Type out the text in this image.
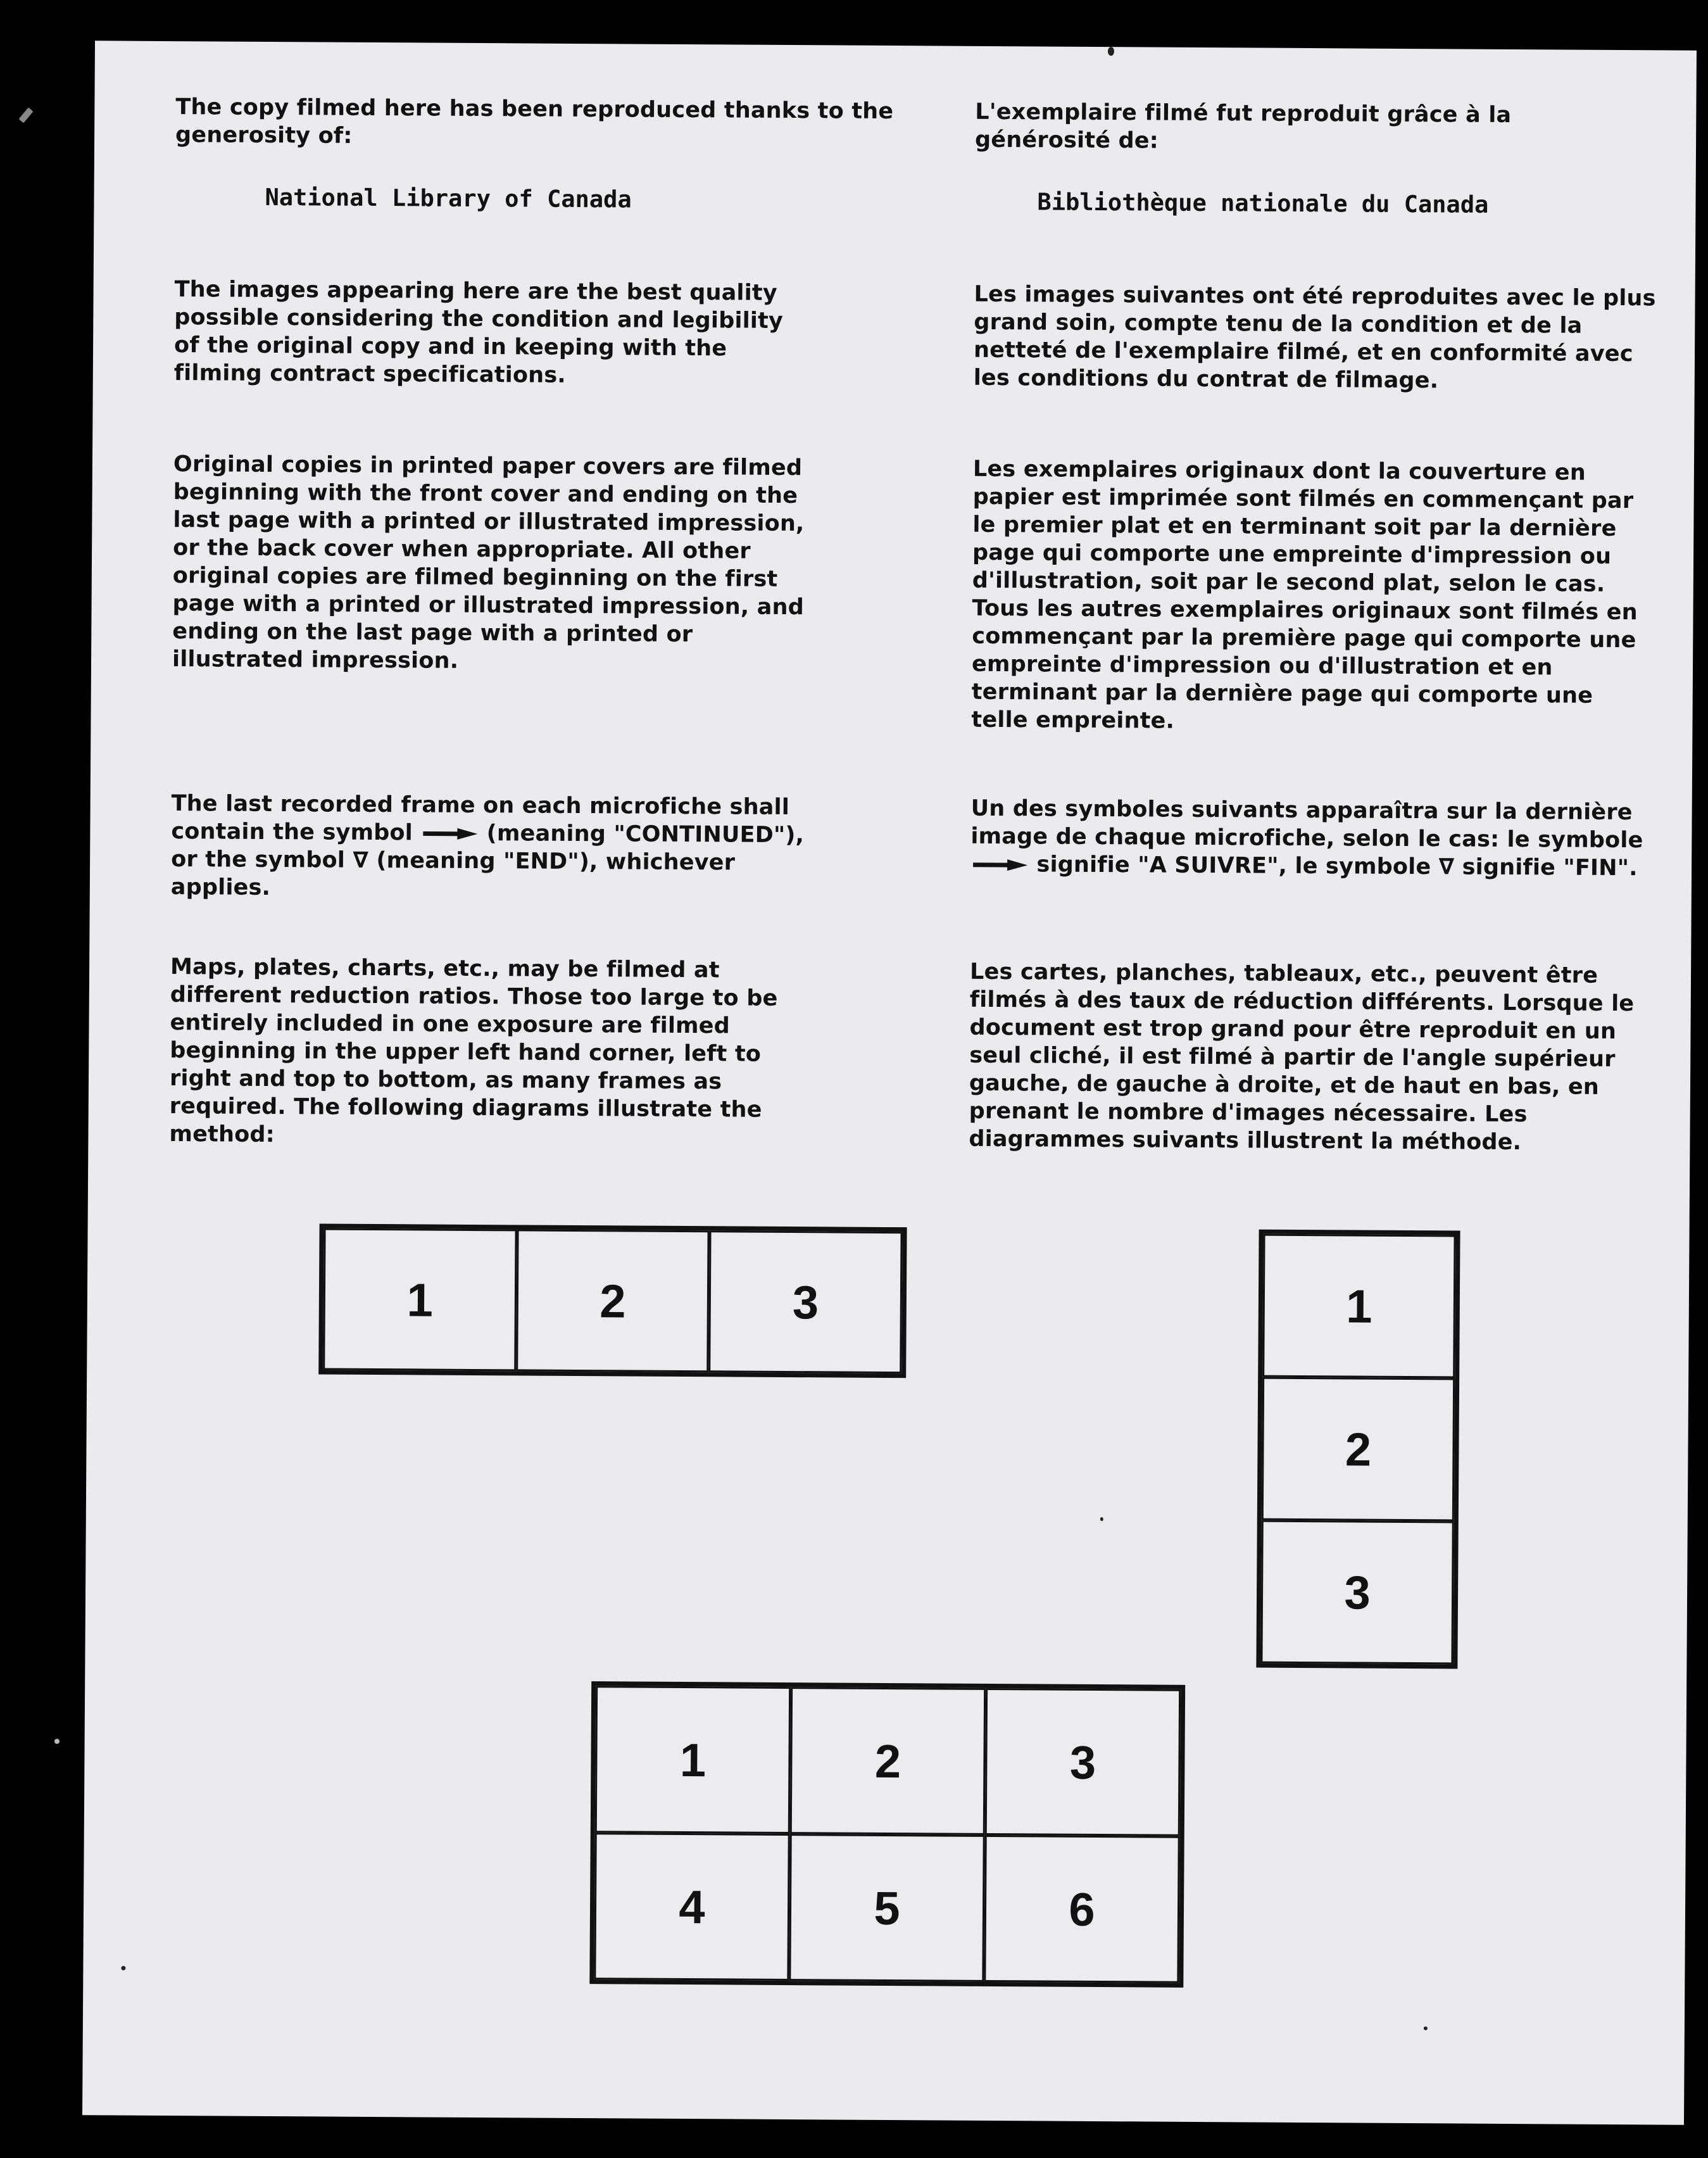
The copy filmed here has been reproduced thanks to the generosity of:

National Library of Canada

The images appearing here are the best quality possible considering the condition and legibility of the original copy and in keeping with the filming contract specifications.

Original copies in printed paper covers are filmed beginning with the front cover and ending on the last page with a printed or illustrated impression, or the back cover when appropriate. All other original copies are filmed beginning on the first page with a printed or illustrated impression, and ending on the last page with a printed or illustrated impression.

The last recorded frame on each microfiche shall contain the symbol	(meaning "CONTINUED"), or the symbol ∇ (meaning "END"), whichever applies.

Maps, plates, charts, etc., may be filmed at different reduction ratios. Those too large to be entirely included in one exposure are filmed beginning in the upper left hand corner, left to right and top to bottom, as many frames as required. The following diagrams illustrate the method:

L'exemplaire filmé fut reproduit grâce à la générosité de:

Bibliothèque nationale du Canada

Les images suivantes ont été reproduites avec le plus grand soin, compte tenu de la condition et de la netteté de l'exemplaire filmé, et en conformité avec les conditions du contrat de filmage.

Les exemplaires originaux dont la couverture en papier est imprimée sont filmés en commençant par le premier plat et en terminant soit par la dernière page qui comporte une empreinte d'impression ou d'illustration, soit par le second plat, selon le cas. Tous les autres exemplaires originaux sont filmés en commençant par la première page qui comporte une empreinte d'impression ou d'illustration et en terminant par la dernière page qui comporte une telle empreinte.

Un des symboles suivants apparaîtra sur la dernière image de chaque microfiche, selon le cas: le symbole  signifie "A SUIVRE", le symbole ∇ signifie "FIN".

Les cartes, planches, tableaux, etc., peuvent être filmés à des taux de réduction différents. Lorsque le document est trop grand pour être reproduit en un seul cliché, il est filmé à partir de l'angle supérieur gauche, de gauche à droite, et de haut en bas, en prenant le nombre d'images nécessaire. Les diagrammes suivants illustrent la méthode.

1	2	3	1
2
3
1	2	3
4	5	6
